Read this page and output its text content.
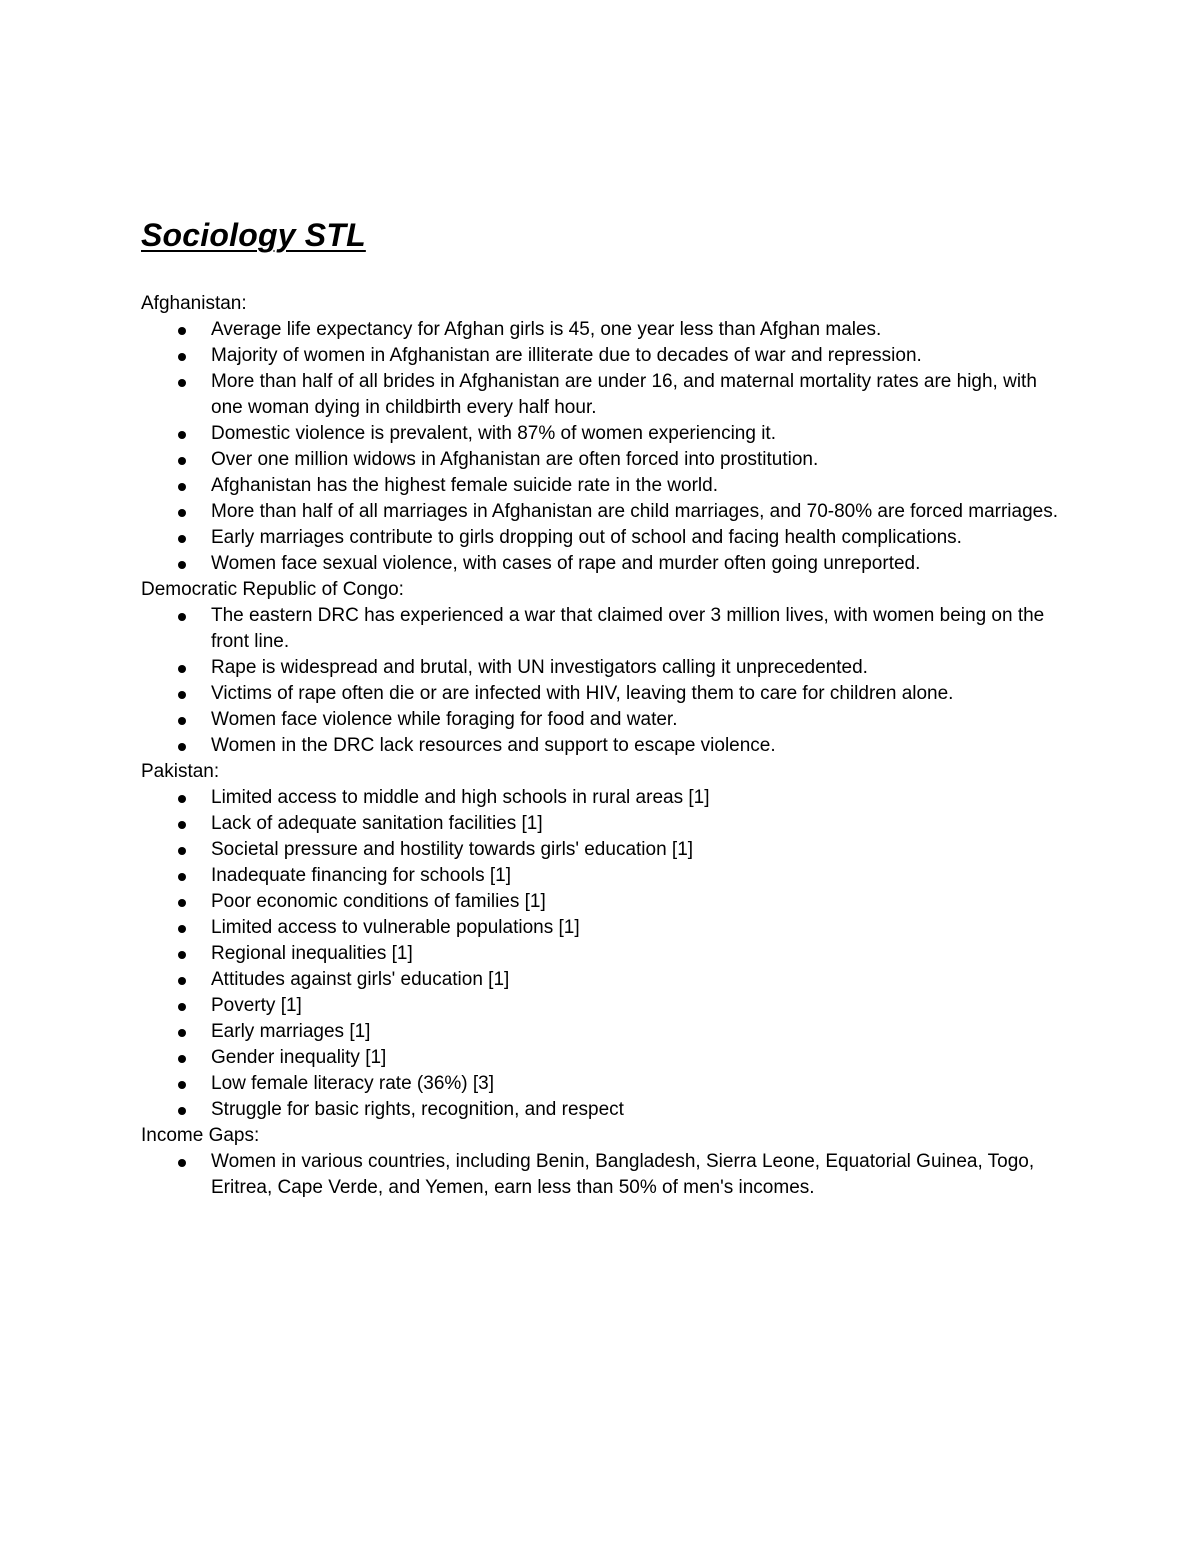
Sociology STL

Afghanistan:

Average life expectancy for Afghan girls is 45, one year less than Afghan males.
Majority of women in Afghanistan are illiterate due to decades of war and repression.
More than half of all brides in Afghanistan are under 16, and maternal mortality rates are high, with one woman dying in childbirth every half hour.
Domestic violence is prevalent, with 87% of women experiencing it.
Over one million widows in Afghanistan are often forced into prostitution.
Afghanistan has the highest female suicide rate in the world.
More than half of all marriages in Afghanistan are child marriages, and 70-80% are forced marriages.
Early marriages contribute to girls dropping out of school and facing health complications.
Women face sexual violence, with cases of rape and murder often going unreported.

Democratic Republic of Congo:

The eastern DRC has experienced a war that claimed over 3 million lives, with women being on the front line.
Rape is widespread and brutal, with UN investigators calling it unprecedented.
Victims of rape often die or are infected with HIV, leaving them to care for children alone.
Women face violence while foraging for food and water.
Women in the DRC lack resources and support to escape violence.

Pakistan:

Limited access to middle and high schools in rural areas [1]
Lack of adequate sanitation facilities [1]
Societal pressure and hostility towards girls' education [1]
Inadequate financing for schools [1]
Poor economic conditions of families [1]
Limited access to vulnerable populations [1]
Regional inequalities [1]
Attitudes against girls' education [1]
Poverty [1]
Early marriages [1]
Gender inequality [1]
Low female literacy rate (36%) [3]
Struggle for basic rights, recognition, and respect

Income Gaps:

Women in various countries, including Benin, Bangladesh, Sierra Leone, Equatorial Guinea, Togo, Eritrea, Cape Verde, and Yemen, earn less than 50% of men's incomes.
